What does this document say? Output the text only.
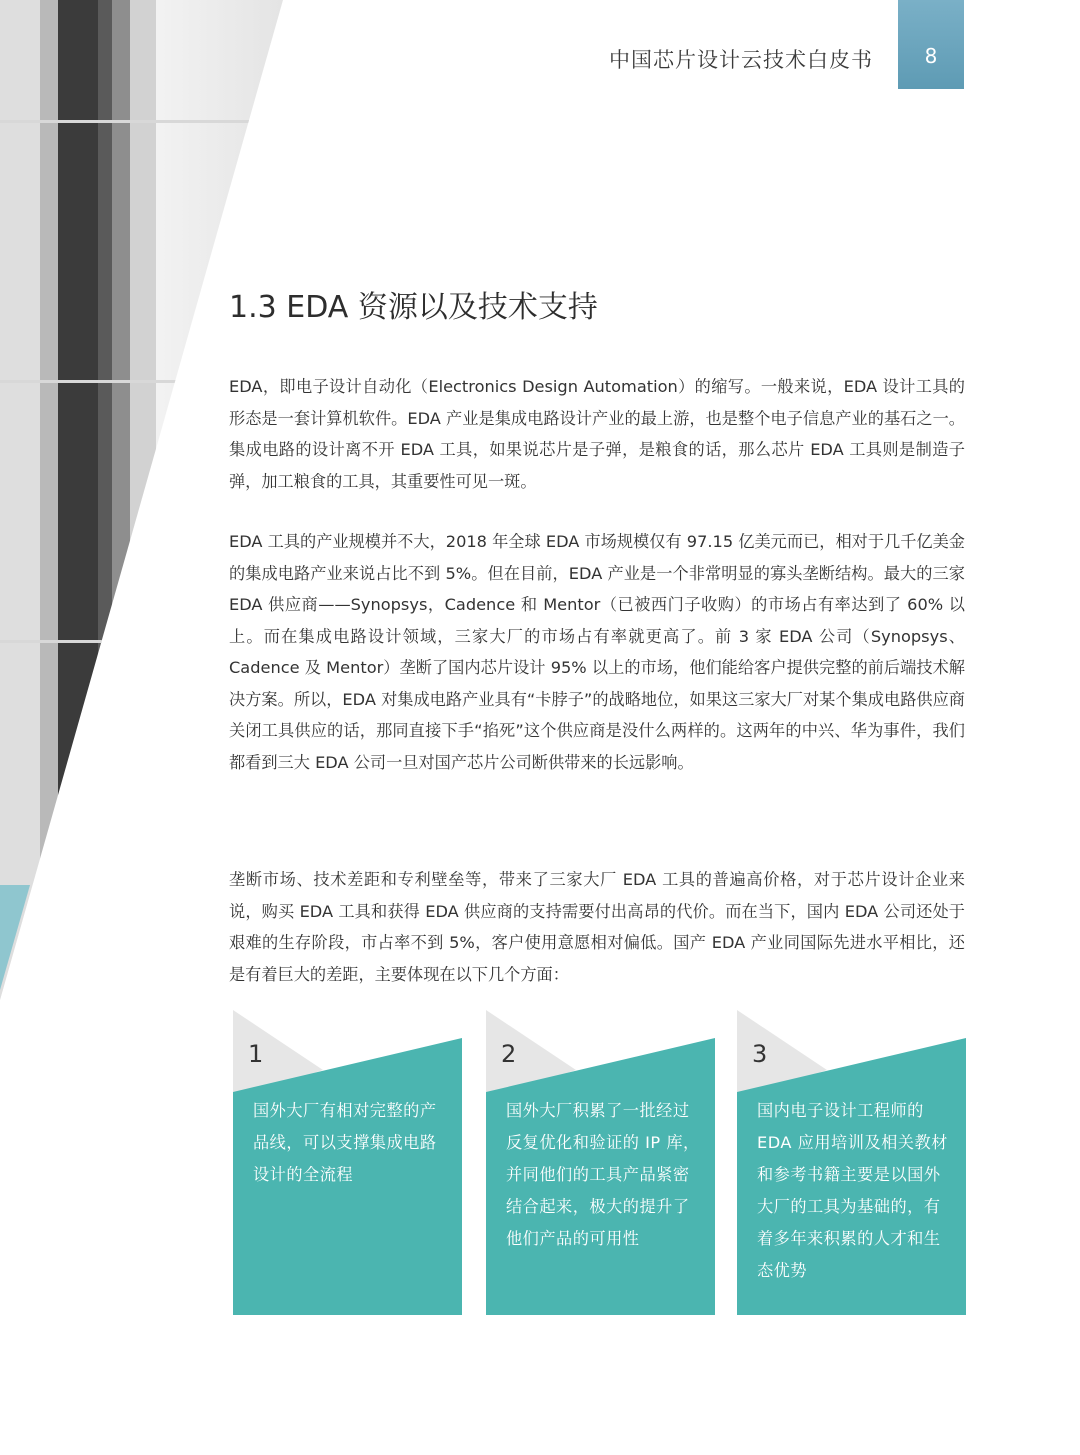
中国芯片设计云技术白皮书	8
1.3 EDA 资源以及技术支持

EDA，即电子设计自动化（Electronics Design Automation）的缩写。一般来说，EDA 设计工具的形态是一套计算机软件。EDA 产业是集成电路设计产业的最上游，也是整个电子信息产业的基石之一。集成电路的设计离不开 EDA 工具，如果说芯片是子弹，是粮食的话，那么芯片 EDA 工具则是制造子弹，加工粮食的工具，其重要性可见一斑。

EDA 工具的产业规模并不大，2018 年全球 EDA 市场规模仅有 97.15 亿美元而已，相对于几千亿美金的集成电路产业来说占比不到 5%。但在目前，EDA 产业是一个非常明显的寡头垄断结构。最大的三家 EDA 供应商——Synopsys，Cadence 和 Mentor（已被西门子收购）的市场占有率达到了 60% 以上。而在集成电路设计领域，三家大厂的市场占有率就更高了。前 3 家 EDA 公司（Synopsys、Cadence 及 Mentor）垄断了国内芯片设计 95% 以上的市场，他们能给客户提供完整的前后端技术解决方案。所以，EDA 对集成电路产业具有“卡脖子”的战略地位，如果这三家大厂对某个集成电路供应商关闭工具供应的话，那同直接下手“掐死”这个供应商是没什么两样的。这两年的中兴、华为事件，我们都看到三大 EDA 公司一旦对国产芯片公司断供带来的长远影响。

垄断市场、技术差距和专利壁垒等，带来了三家大厂 EDA 工具的普遍高价格，对于芯片设计企业来说，购买 EDA 工具和获得 EDA 供应商的支持需要付出高昂的代价。而在当下，国内 EDA 公司还处于艰难的生存阶段，市占率不到 5%，客户使用意愿相对偏低。国产 EDA 产业同国际先进水平相比，还是有着巨大的差距，主要体现在以下几个方面：

1

国外大厂有相对完整的产品线，可以支撑集成电路设计的全流程

2

国外大厂积累了一批经过反复优化和验证的 IP 库，并同他们的工具产品紧密结合起来，极大的提升了他们产品的可用性

3

国内电子设计工程师的 EDA 应用培训及相关教材和参考书籍主要是以国外大厂的工具为基础的，有着多年来积累的人才和生态优势
